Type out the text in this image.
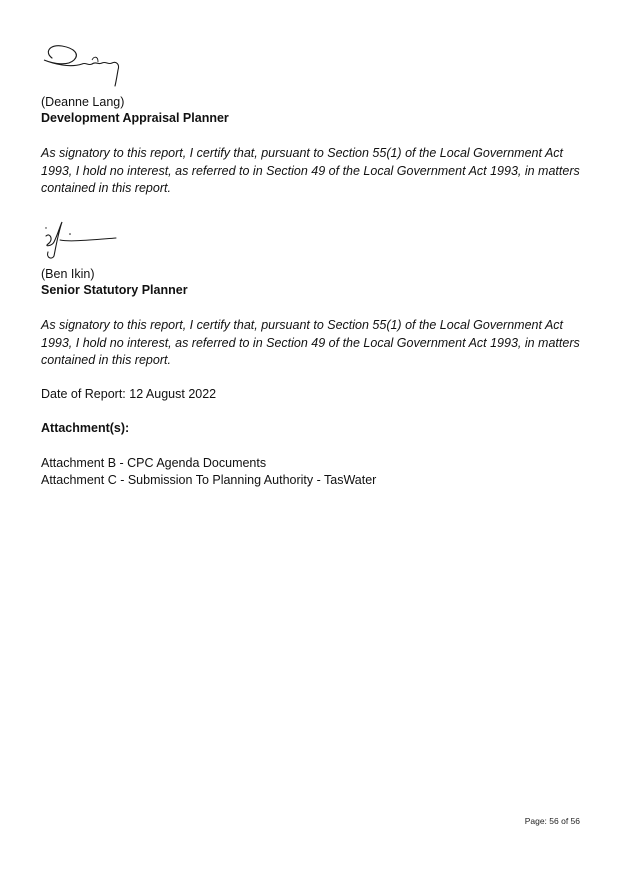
(Deanne Lang)
Development Appraisal Planner
As signatory to this report, I certify that, pursuant to Section 55(1) of the Local Government Act 1993, I hold no interest, as referred to in Section 49 of the Local Government Act 1993, in matters contained in this report.
(Ben Ikin)
Senior Statutory Planner
As signatory to this report, I certify that, pursuant to Section 55(1) of the Local Government Act 1993, I hold no interest, as referred to in Section 49 of the Local Government Act 1993, in matters contained in this report.
Date of Report: 12 August 2022
Attachment(s):
Attachment B - CPC Agenda Documents
Attachment C - Submission To Planning Authority - TasWater
Page: 56 of 56
